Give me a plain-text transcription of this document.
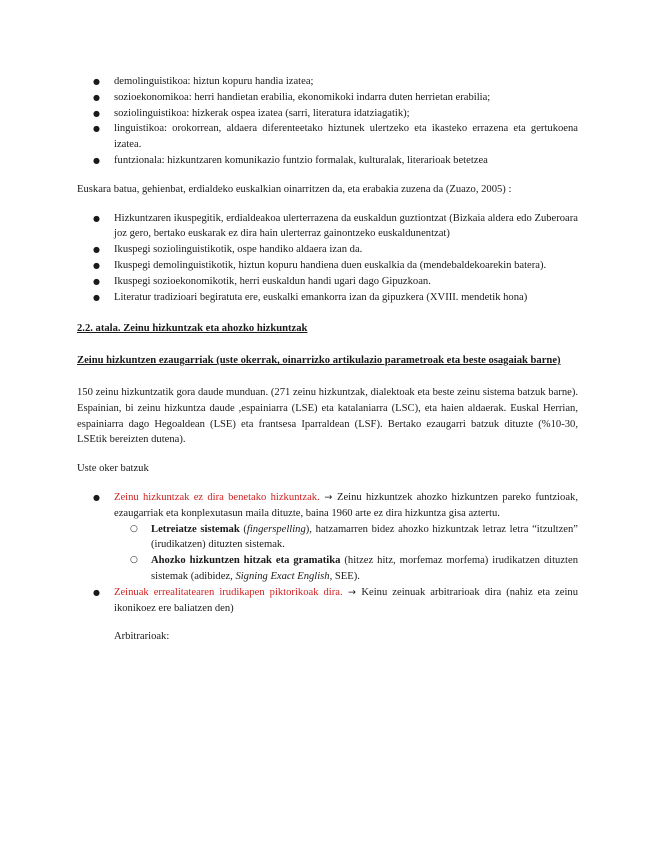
● demolinguistikoa: hiztun kopuru handia izatea;
● sozioekonomikoa: herri handietan erabilia, ekonomikoki indarra duten herrietan erabilia;
● soziolinguistikoa: hizkerak ospea izatea (sarri, literatura idatziagatik);
● linguistikoa: orokorrean, aldaera diferenteetako hiztunek ulertzeko eta ikasteko errazena eta gertukoena izatea.
● funtzionala: hizkuntzaren komunikazio funtzio formalak, kulturalak, literarioak betetzea

Euskara batua, gehienbat, erdialdeko euskalkian oinarritzen da, eta erabakia zuzena da (Zuazo, 2005) :

● Hizkuntzaren ikuspegitik, erdialdeakoa ulerterrazena da euskaldun guztiontzat (Bizkaia aldera edo Zuberoara joz gero, bertako euskarak ez dira hain ulerterraz gainontzeko euskaldunentzat)
● Ikuspegi soziolinguistikotik, ospe handiko aldaera izan da.
● Ikuspegi demolinguistikotik, hiztun kopuru handiena duen euskalkia da (mendebaldekoarekin batera).
● Ikuspegi sozioekonomikotik, herri euskaldun handi ugari dago Gipuzkoan.
● Literatur tradizioari begiratuta ere, euskalki emankorra izan da gipuzkera (XVIII. mendetik hona)

2.2. atala. Zeinu hizkuntzak eta ahozko hizkuntzak

Zeinu hizkuntzen ezaugarriak (uste okerrak, oinarrizko artikulazio parametroak eta beste osagaiak barne)

150 zeinu hizkuntzatik gora daude munduan. (271 zeinu hizkuntzak, dialektoak eta beste zeinu sistema batzuk barne). Espainian, bi zeinu hizkuntza daude ,espainiarra (LSE) eta katalaniarra (LSC), eta haien aldaerak. Euskal Herrian, espainiarra dago Hegoaldean (LSE) eta frantsesa Iparraldean (LSF). Bertako ezaugarri batzuk dituzte (%10-30, LSEtik bereizten dutena).

Uste oker batzuk

● Zeinu hizkuntzak ez dira benetako hizkuntzak. → Zeinu hizkuntzek ahozko hizkuntzen pareko funtzioak, ezaugarriak eta konplexutasun maila dituzte, baina 1960 arte ez dira hizkuntza gisa aztertu.
○ Letreiatze sistemak (fingerspelling), hatzamarren bidez ahozko hizkuntzak letraz letra “itzultzen” (irudikatzen) dituzten sistemak.
○ Ahozko hizkuntzen hitzak eta gramatika (hitzez hitz, morfemaz morfema) irudikatzen dituzten sistemak (adibidez, Signing Exact English, SEE).
● Zeinuak errealitatearen irudikapen piktorikoak dira. → Keinu zeinuak arbitrarioak dira (nahiz eta zeinu ikonikoez ere baliatzen den)

Arbitrarioak:
